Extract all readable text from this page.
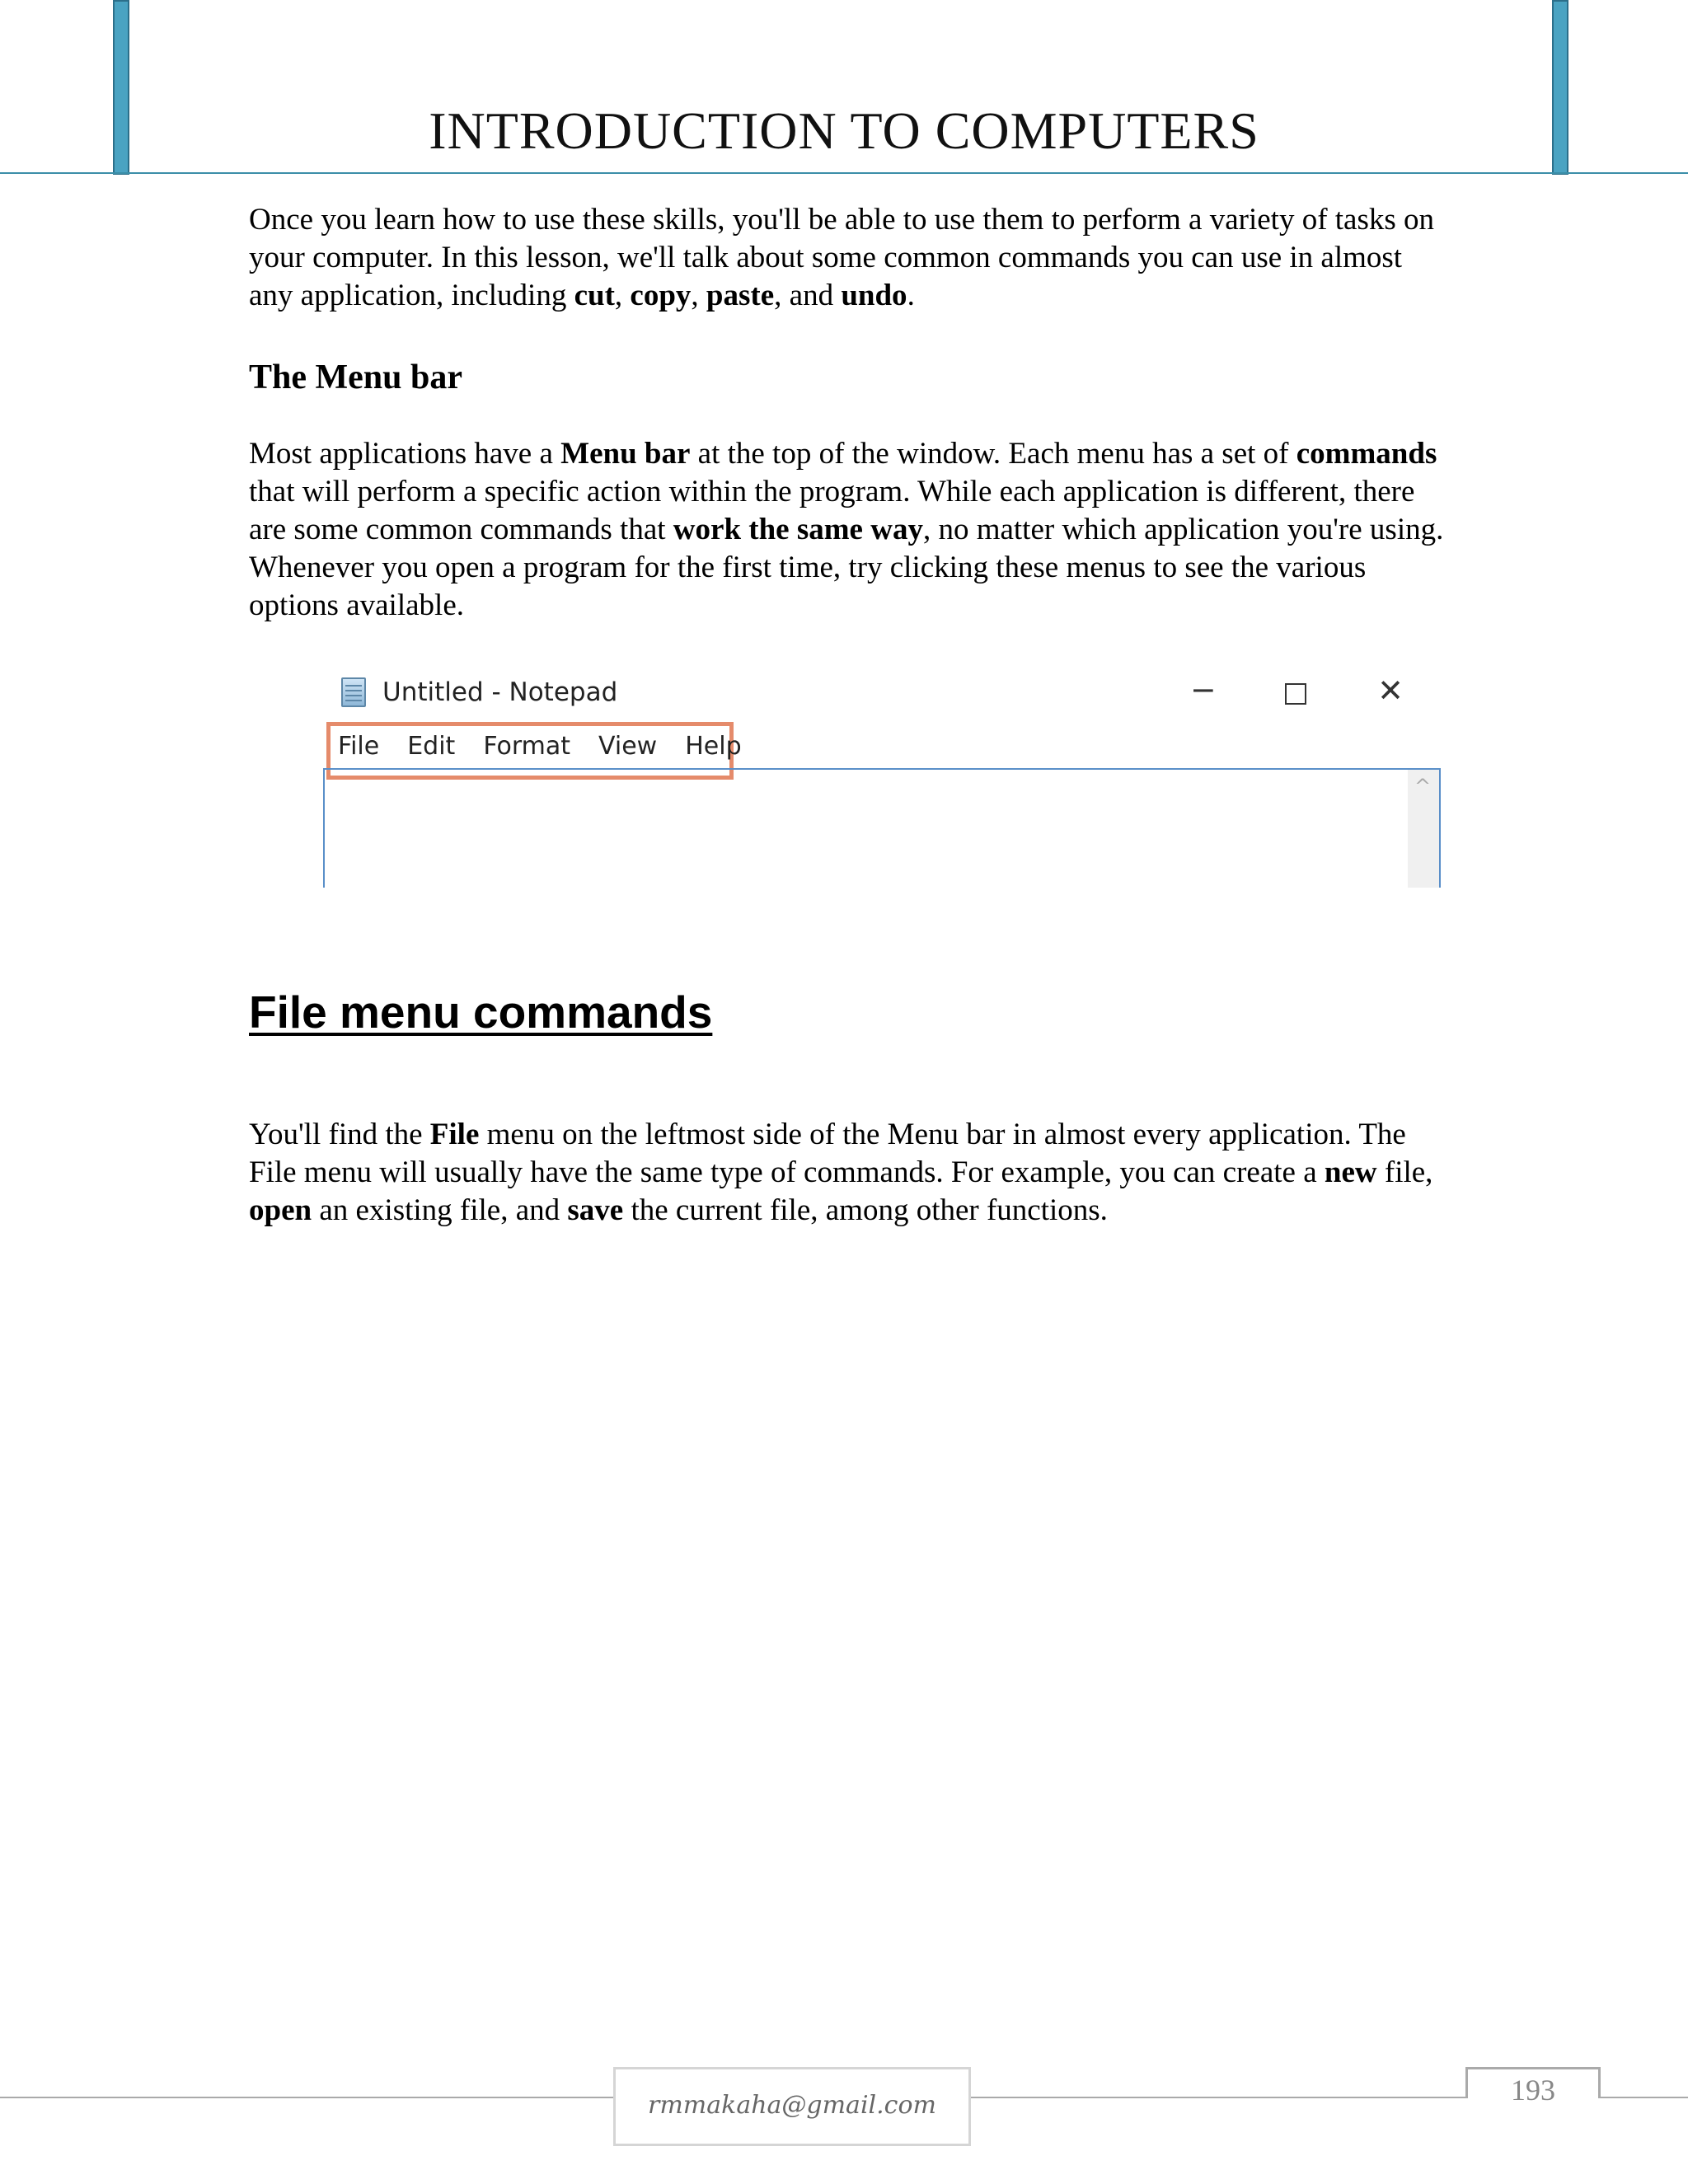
INTRODUCTION TO COMPUTERS

Once you learn how to use these skills, you'll be able to use them to perform a variety of tasks on your computer. In this lesson, we'll talk about some common commands you can use in almost any application, including cut, copy, paste, and undo.

The Menu bar

Most applications have a Menu bar at the top of the window. Each menu has a set of commands that will perform a specific action within the program. While each application is different, there are some common commands that work the same way, no matter which application you're using. Whenever you open a program for the first time, try clicking these menus to see the various options available.

Untitled - Notepad	─	✕
File Edit Format View Help
^
File menu commands

You'll find the File menu on the leftmost side of the Menu bar in almost every application. The File menu will usually have the same type of commands. For example, you can create a new file, open an existing file, and save the current file, among other functions.

rmmakaha@gmail.com	193
